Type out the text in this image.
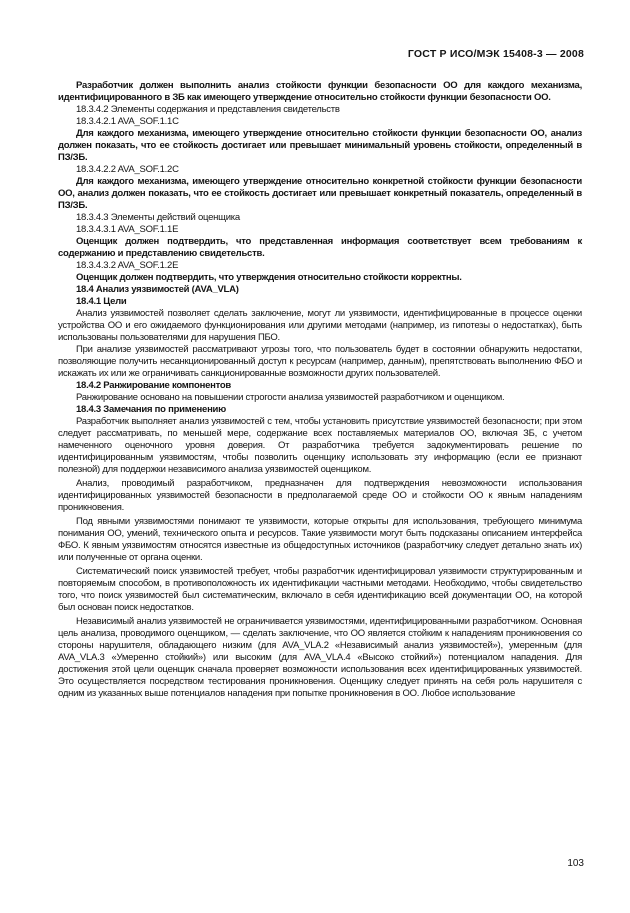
ГОСТ Р ИСО/МЭК 15408-3 — 2008

Разработчик должен выполнить анализ стойкости функции безопасности ОО для каждого механизма, идентифицированного в ЗБ как имеющего утверждение относительно стойкости функции безопасности ОО.

18.3.4.2 Элементы содержания и представления свидетельств

18.3.4.2.1 AVA_SOF.1.1C

Для каждого механизма, имеющего утверждение относительно стойкости функции безопасности ОО, анализ должен показать, что ее стойкость достигает или превышает минимальный уровень стойкости, определенный в ПЗ/ЗБ.

18.3.4.2.2 AVA_SOF.1.2C

Для каждого механизма, имеющего утверждение относительно конкретной стойкости функции безопасности ОО, анализ должен показать, что ее стойкость достигает или превышает конкретный показатель, определенный в ПЗ/ЗБ.

18.3.4.3 Элементы действий оценщика

18.3.4.3.1 AVA_SOF.1.1E

Оценщик должен подтвердить, что представленная информация соответствует всем требованиям к содержанию и представлению свидетельств.

18.3.4.3.2 AVA_SOF.1.2E

Оценщик должен подтвердить, что утверждения относительно стойкости корректны.

18.4 Анализ уязвимостей (AVA_VLA)

18.4.1 Цели

Анализ уязвимостей позволяет сделать заключение, могут ли уязвимости, идентифицированные в процессе оценки устройства ОО и его ожидаемого функционирования или другими методами (например, из гипотезы о недостатках), быть использованы пользователями для нарушения ПБО.

При анализе уязвимостей рассматривают угрозы того, что пользователь будет в состоянии обнаружить недостатки, позволяющие получить несанкционированный доступ к ресурсам (например, данным), препятствовать выполнению ФБО и искажать их или же ограничивать санкционированные возможности других пользователей.

18.4.2 Ранжирование компонентов

Ранжирование основано на повышении строгости анализа уязвимостей разработчиком и оценщиком.

18.4.3 Замечания по применению

Разработчик выполняет анализ уязвимостей с тем, чтобы установить присутствие уязвимостей безопасности; при этом следует рассматривать, по меньшей мере, содержание всех поставляемых материалов ОО, включая ЗБ, с учетом намеченного оценочного уровня доверия. От разработчика требуется задокументировать решение по идентифицированным уязвимостям, чтобы позволить оценщику использовать эту информацию (если ее признают полезной) для поддержки независимого анализа уязвимостей оценщиком.

Анализ, проводимый разработчиком, предназначен для подтверждения невозможности использования идентифицированных уязвимостей безопасности в предполагаемой среде ОО и стойкости ОО к явным нападениям проникновения.

Под явными уязвимостями понимают те уязвимости, которые открыты для использования, требующего минимума понимания ОО, умений, технического опыта и ресурсов. Такие уязвимости могут быть подсказаны описанием интерфейса ФБО. К явным уязвимостям относятся известные из общедоступных источников (разработчику следует детально знать их) или полученные от органа оценки.

Систематический поиск уязвимостей требует, чтобы разработчик идентифицировал уязвимости структурированным и повторяемым способом, в противоположность их идентификации частными методами. Необходимо, чтобы свидетельство того, что поиск уязвимостей был систематическим, включало в себя идентификацию всей документации ОО, на которой был основан поиск недостатков.

Независимый анализ уязвимостей не ограничивается уязвимостями, идентифицированными разработчиком. Основная цель анализа, проводимого оценщиком, — сделать заключение, что ОО является стойким к нападениям проникновения со стороны нарушителя, обладающего низким (для AVA_VLA.2 «Независимый анализ уязвимостей»), умеренным (для AVA_VLA.3 «Умеренно стойкий») или высоким (для AVA_VLA.4 «Высоко стойкий») потенциалом нападения. Для достижения этой цели оценщик сначала проверяет возможности использования всех идентифицированных уязвимостей. Это осуществляется посредством тестирования проникновения. Оценщику следует принять на себя роль нарушителя с одним из указанных выше потенциалов нападения при попытке проникновения в ОО. Любое использование

103
